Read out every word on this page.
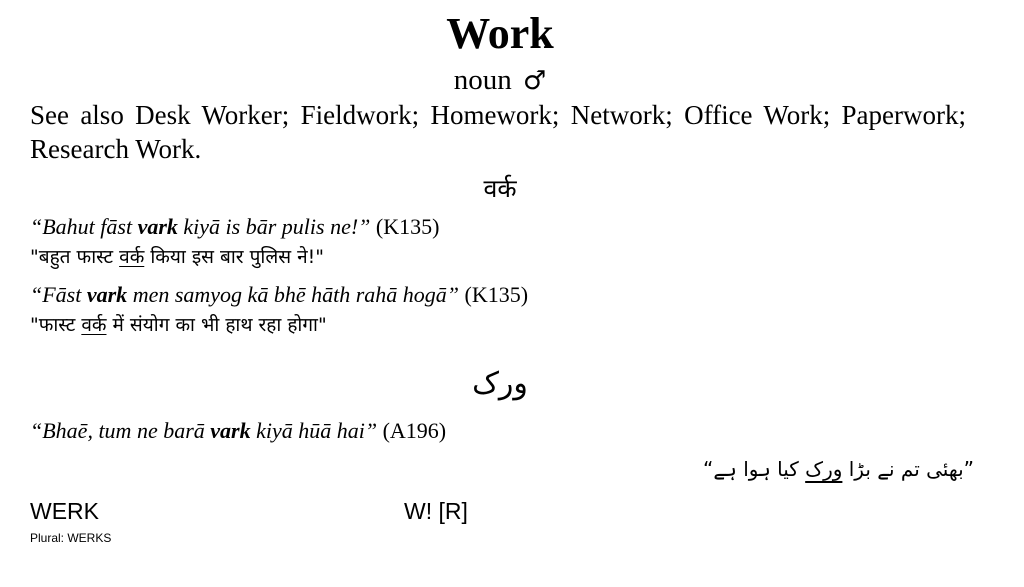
Work
noun ♂
See also Desk Worker; Fieldwork; Homework; Network; Office Work; Paperwork; Research Work.
वर्क
“Bahut fāst vark kiyā is bār pulis ne!” (K135)
"बहुत फास्ट वर्क किया इस बार पुलिस ने!"
“Fāst vark men samyog kā bhē hāth rahā hogā” (K135)
"फास्ट वर्क में संयोग का भी हाथ रहा होगा"
ورک
“Bhaē, tum ne barā vark kiyā hūā hai” (A196)
”بھئی تم نے بڑا ورک کیا ہوا ہے“
WERK	W! [R]
Plural: WERKS
